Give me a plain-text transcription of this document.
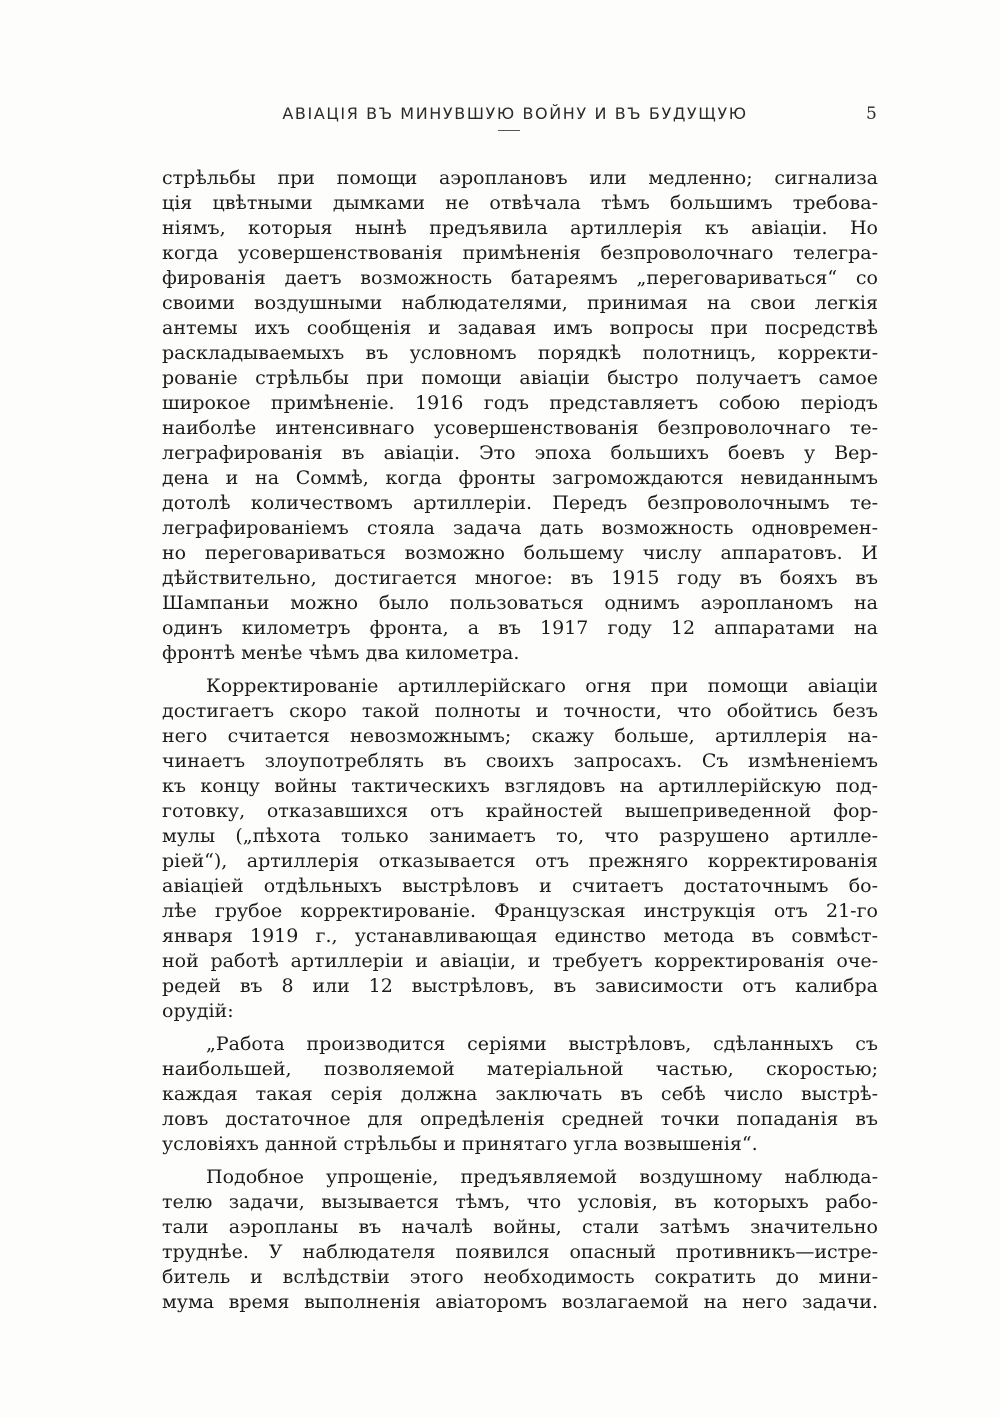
АВІАЦІЯ ВЪ МИНУВШУЮ ВОЙНУ И ВЪ БУДУЩУЮ	5
стрѣльбы при помощи аэроплановъ или медленно; сигнализа
ція цвѣтными дымками не отвѣчала тѣмъ большимъ требова-
ніямъ, которыя нынѣ предъявила артиллерія къ авіаціи. Но
когда усовершенствованія примѣненія безпроволочнаго телегра-
фированія даетъ возможность батареямъ „переговариваться“ со
своими воздушными наблюдателями, принимая на свои легкія
антемы ихъ сообщенія и задавая имъ вопросы при посредствѣ
раскладываемыхъ въ условномъ порядкѣ полотницъ, корректи-
рованіе стрѣльбы при помощи авіаціи быстро получаетъ самое
широкое примѣненіе. 1916 годъ представляетъ собою періодъ
наиболѣе интенсивнаго усовершенствованія безпроволочнаго те-
леграфированія въ авіаціи. Это эпоха большихъ боевъ у Вер-
дена и на Соммѣ, когда фронты загромождаются невиданнымъ
дотолѣ количествомъ артиллеріи. Передъ безпроволочнымъ те-
леграфированіемъ стояла задача дать возможность одновремен-
но переговариваться возможно большему числу аппаратовъ. И
дѣйствительно, достигается многое: въ 1915 году въ бояхъ въ
Шампаньи можно было пользоваться однимъ аэропланомъ на
одинъ километръ фронта, а въ 1917 году 12 аппаратами на
фронтѣ менѣе чѣмъ два километра.
Корректированіе артиллерійскаго огня при помощи авіаціи
достигаетъ скоро такой полноты и точности, что обойтись безъ
него считается невозможнымъ; скажу больше, артиллерія на-
чинаетъ злоупотреблять въ своихъ запросахъ. Съ измѣненіемъ
къ концу войны тактическихъ взглядовъ на артиллерійскую под-
готовку, отказавшихся отъ крайностей вышеприведенной фор-
мулы („пѣхота только занимаетъ то, что разрушено артилле-
ріей“), артиллерія отказывается отъ прежняго корректированія
авіаціей отдѣльныхъ выстрѣловъ и считаетъ достаточнымъ бо-
лѣе грубое корректированіе. Французская инструкція отъ 21-го
января 1919 г., устанавливающая единство метода въ совмѣст-
ной работѣ артиллеріи и авіаціи, и требуетъ корректированія оче-
редей въ 8 или 12 выстрѣловъ, въ зависимости отъ калибра
орудій:
„Работа производится серіями выстрѣловъ, сдѣланныхъ съ
наибольшей, позволяемой матеріальной частью, скоростью;
каждая такая серія должна заключать въ себѣ число выстрѣ-
ловъ достаточное для опредѣленія средней точки попаданія въ
условіяхъ данной стрѣльбы и принятаго угла возвышенія“.
Подобное упрощеніе, предъявляемой воздушному наблюда-
телю задачи, вызывается тѣмъ, что условія, въ которыхъ рабо-
тали аэропланы въ началѣ войны, стали затѣмъ значительно
труднѣе. У наблюдателя появился опасный противникъ—истре-
битель и вслѣдствіи этого необходимость сократить до мини-
мума время выполненія авіаторомъ возлагаемой на него задачи.
